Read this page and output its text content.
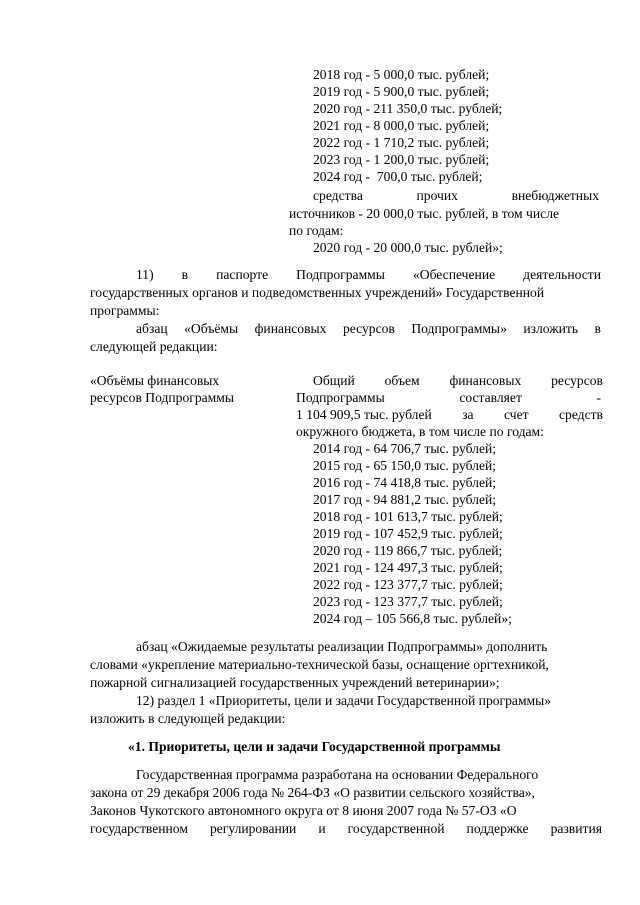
2018 год - 5 000,0 тыс. рублей;
2019 год - 5 900,0 тыс. рублей;
2020 год - 211 350,0 тыс. рублей;
2021 год - 8 000,0 тыс. рублей;
2022 год - 1 710,2 тыс. рублей;
2023 год - 1 200,0 тыс. рублей;
2024 год -  700,0 тыс. рублей;
средства	прочих	внебюджетных
источников - 20 000,0 тыс. рублей, в том числе
по годам:
2020 год - 20 000,0 тыс. рублей»;
11) в паспорте Подпрограммы «Обеспечение деятельности
государственных органов и подведомственных учреждений» Государственной
программы:
абзац «Объёмы финансовых ресурсов Подпрограммы» изложить в
следующей редакции:
«Объёмы финансовых
ресурсов Подпрограммы
Общий объем финансовых ресурсов
Подпрограммы	составляет	-
1 104 909,5 тыс. рублей за счет средств
окружного бюджета, в том числе по годам:
2014 год - 64 706,7 тыс. рублей;
2015 год - 65 150,0 тыс. рублей;
2016 год - 74 418,8 тыс. рублей;
2017 год - 94 881,2 тыс. рублей;
2018 год - 101 613,7 тыс. рублей;
2019 год - 107 452,9 тыс. рублей;
2020 год - 119 866,7 тыс. рублей;
2021 год - 124 497,3 тыс. рублей;
2022 год - 123 377,7 тыс. рублей;
2023 год - 123 377,7 тыс. рублей;
2024 год – 105 566,8 тыс. рублей»;
абзац «Ожидаемые результаты реализации Подпрограммы» дополнить
словами «укрепление материально-технической базы, оснащение оргтехникой,
пожарной сигнализацией государственных учреждений ветеринарии»;
12) раздел 1 «Приоритеты, цели и задачи Государственной программы»
изложить в следующей редакции:
«1. Приоритеты, цели и задачи Государственной программы
Государственная программа разработана на основании Федерального
закона от 29 декабря 2006 года № 264-ФЗ «О развитии сельского хозяйства»,
Законов Чукотского автономного округа от 8 июня 2007 года № 57-ОЗ «О
государственном регулировании и государственной поддержке развития
